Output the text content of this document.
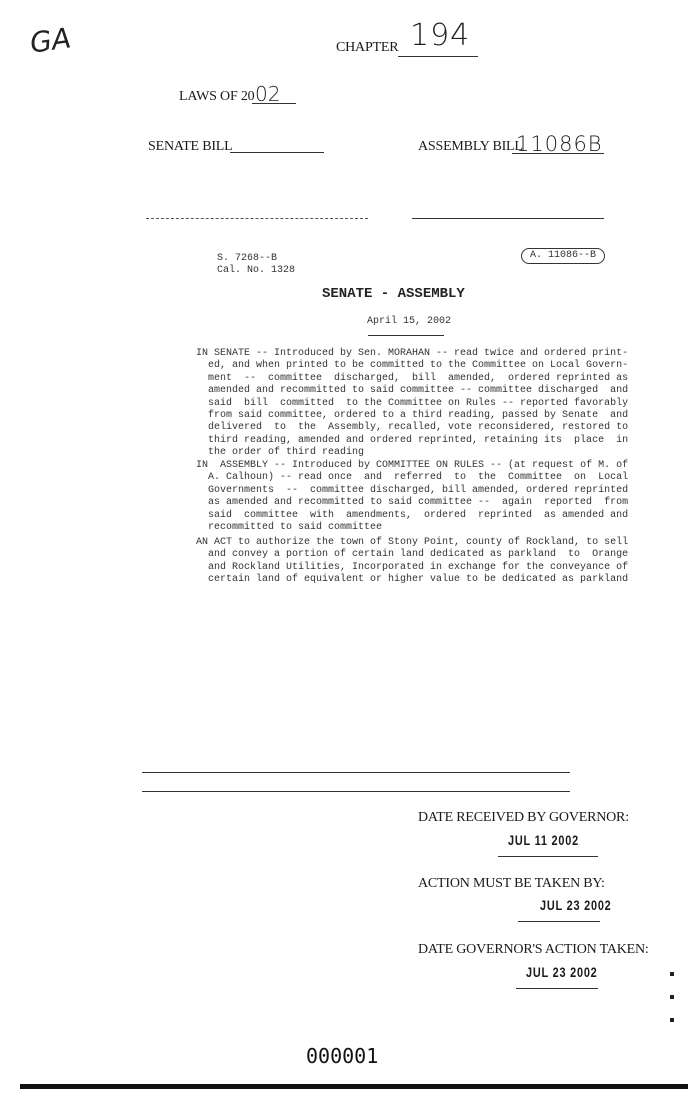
GA	CHAPTER 194
LAWS OF 20 02
SENATE BILL	ASSEMBLY BILL
11086B
S. 7268--B
Cal. No. 1328
A. 11086--B
SENATE - ASSEMBLY
April 15, 2002
IN SENATE -- Introduced by Sen. MORAHAN -- read twice and ordered print-
ed, and when printed to be committed to the Committee on Local Govern-
ment  --  committee  discharged,  bill  amended,  ordered reprinted as
amended and recommitted to said committee -- committee discharged  and
said  bill  committed  to the Committee on Rules -- reported favorably
from said committee, ordered to a third reading, passed by Senate  and
delivered  to  the  Assembly, recalled, vote reconsidered, restored to
third reading, amended and ordered reprinted, retaining its  place  in
the order of third reading
IN  ASSEMBLY -- Introduced by COMMITTEE ON RULES -- (at request of M. of
A. Calhoun) -- read once  and  referred  to  the  Committee  on  Local
Governments  --  committee discharged, bill amended, ordered reprinted
as amended and recommitted to said committee --  again  reported  from
said  committee  with  amendments,  ordered  reprinted  as amended and
recommitted to said committee
AN ACT to authorize the town of Stony Point, county of Rockland, to sell
and convey a portion of certain land dedicated as parkland  to  Orange
and Rockland Utilities, Incorporated in exchange for the conveyance of
certain land of equivalent or higher value to be dedicated as parkland
DATE RECEIVED BY GOVERNOR:
JUL 11 2002
ACTION MUST BE TAKEN BY:
JUL 23 2002
DATE GOVERNOR'S ACTION TAKEN:
JUL 23 2002
000001
